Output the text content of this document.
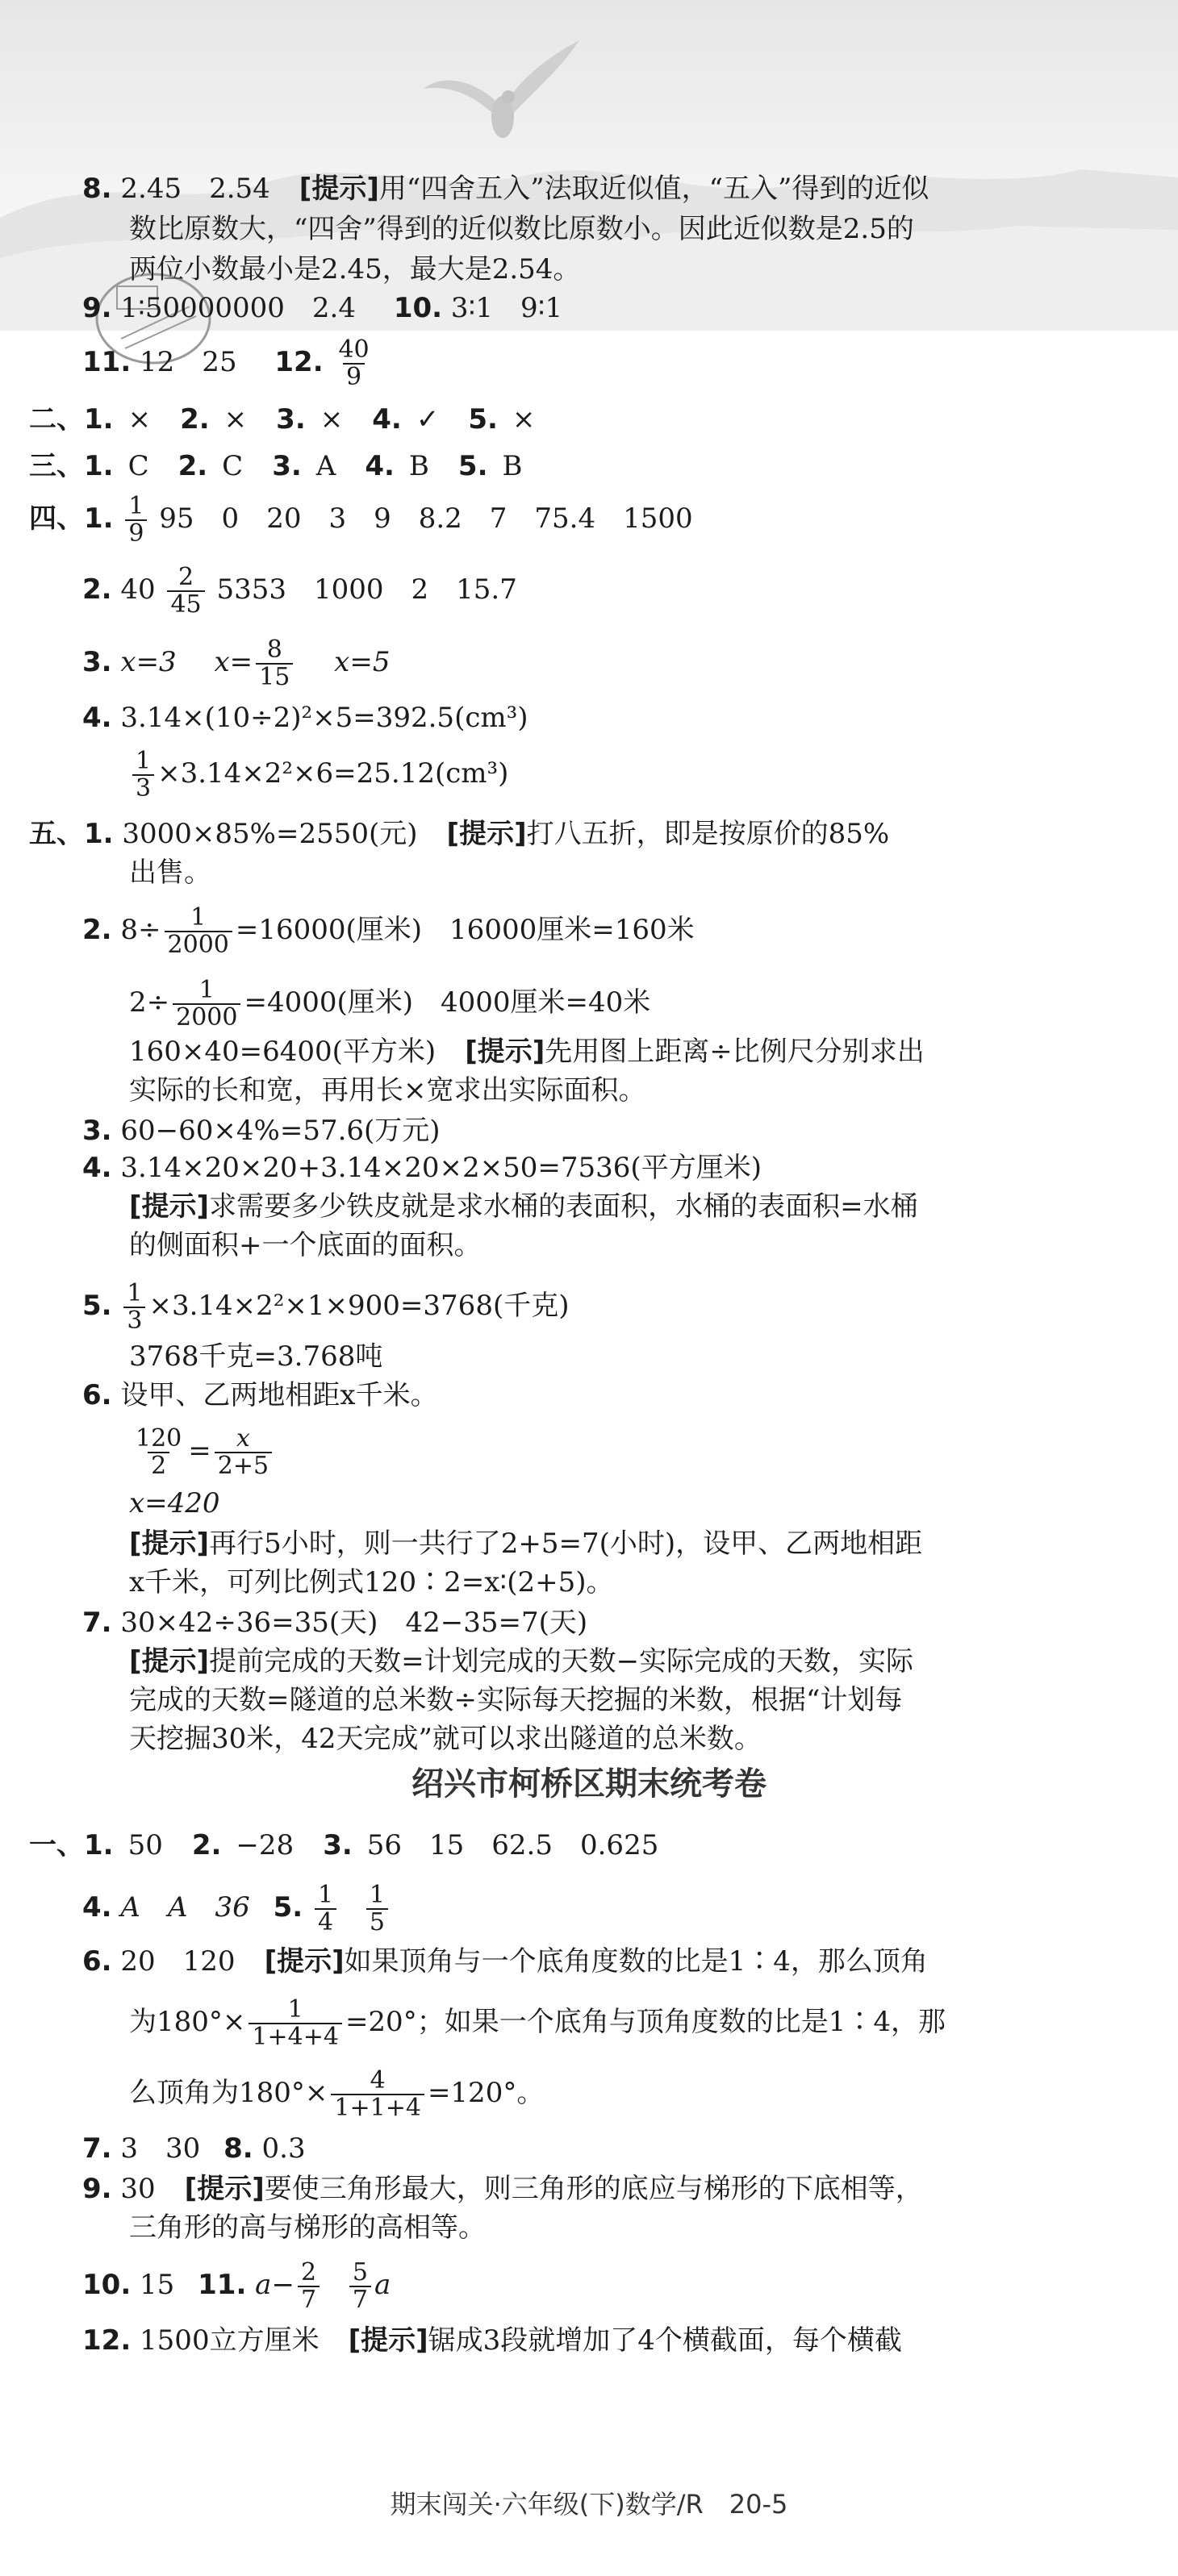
8. 2.45　2.54 [提示]用“四舍五入”法取近似值，“五入”得到的近似
数比原数大，“四舍”得到的近似数比原数小。因此近似数是2.5的
两位小数最小是2.45，最大是2.54。
9. 1∶50000000　2.4 10. 3∶1　9∶1
11. 12　25 12. $\frac{40}{9}$
二、1. × 2. × 3. × 4. ✓ 5. ×
三、1. C 2. C 3. A 4. B 5. B
四、1. $\frac{1}{9} 95$　0　20　3　9　8.2　7　75.4　1500
2. $40 \frac{2}{45} 5353$　1000　2　15.7
3. x=3 $x= \frac{8}{15} x=5$
4. 3.14×(10÷2)²×5=392.5(cm³)
$\frac{1}{3} \times 3.14\times 2^2\times 6=25.12(cm^3)$
五、1. 3000×85%=2550(元) [提示]打八五折，即是按原价的85%
出售。
2. $8\div \frac{1}{2000} =16000$(厘米)　16000厘米=160米
$2\div \frac{1}{2000} =4000$(厘米)　4000厘米=40米
160×40=6400(平方米) [提示]先用图上距离÷比例尺分别求出
实际的长和宽，再用长×宽求出实际面积。
3. 60−60×4%=57.6(万元)
4. 3.14×20×20+3.14×20×2×50=7536(平方厘米)
[提示]求需要多少铁皮就是求水桶的表面积，水桶的表面积=水桶
的侧面积+一个底面的面积。
5. $\frac{1}{3} \times 3.14\times 2^2\times 1\times 900=3768$(千克)
3768千克=3.768吨
6. 设甲、乙两地相距x千米。
$\frac{120}{2} = \frac{x}{2+5}$
x=420
[提示]再行5小时，则一共行了2+5=7(小时)，设甲、乙两地相距
x千米，可列比例式120∶2=x∶(2+5)。
7. 30×42÷36=35(天)　42−35=7(天)
[提示]提前完成的天数=计划完成的天数−实际完成的天数，实际
完成的天数=隧道的总米数÷实际每天挖掘的米数，根据“计划每
天挖掘30米，42天完成”就可以求出隧道的总米数。
绍兴市柯桥区期末统考卷
一、1. 50 2. −28 3. 56　15　62.5　0.625
4. A　A　36 5. $\frac{1}{4}$
$\frac{1}{5}$
6. 20　120 [提示]如果顶角与一个底角度数的比是1∶4，那么顶角
为$180^\circ\times \frac{1}{1+4+4} =20^\circ$；如果一个底角与顶角度数的比是1∶4，那
么顶角为$180^\circ\times \frac{4}{1+1+4} =120^\circ$。
7. 3　30 8. 0.3
9. 30 [提示]要使三角形最大，则三角形的底应与梯形的下底相等，
三角形的高与梯形的高相等。
10. 15 11. $a- \frac{2}{7}$
$\frac{5}{7}$ a
12. 1500立方厘米 [提示]锯成3段就增加了4个横截面，每个横截
期末闯关·六年级(下)数学/R　20-5
